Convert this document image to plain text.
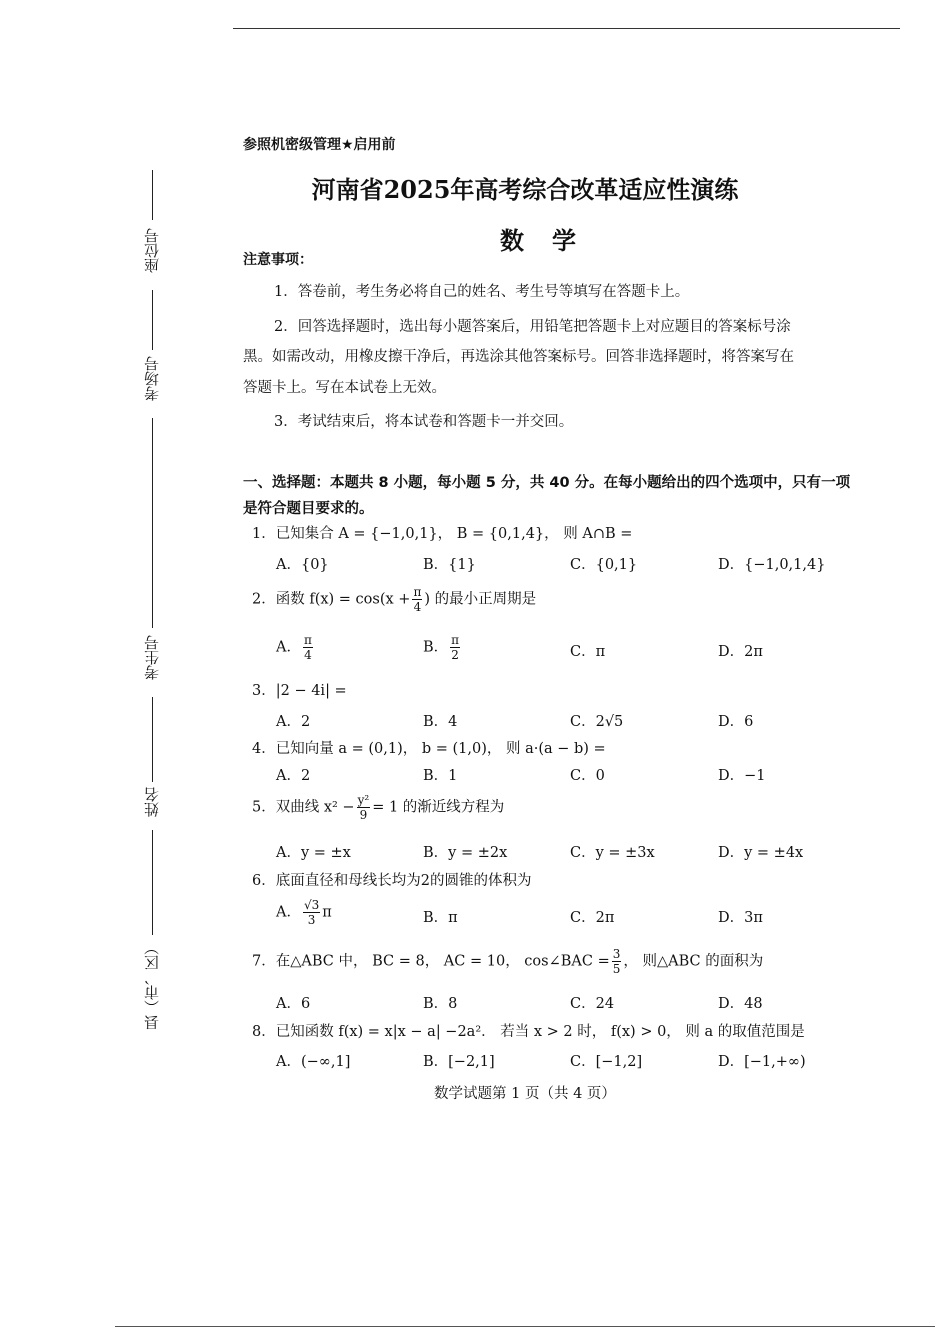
座位号
考场号
考生号
姓名
县（市、区）
参照机密级管理★启用前
河南省2025年高考综合改革适应性演练
数学
注意事项：
1．答卷前，考生务必将自己的姓名、考生号等填写在答题卡上。
2．回答选择题时，选出每小题答案后，用铅笔把答题卡上对应题目的答案标号涂
黑。如需改动，用橡皮擦干净后，再选涂其他答案标号。回答非选择题时，将答案写在
答题卡上。写在本试卷上无效。
3．考试结束后，将本试卷和答题卡一并交回。
一、选择题：本题共 8 小题，每小题 5 分，共 40 分。在每小题给出的四个选项中，只有一项是符合题目要求的。
1．已知集合 A = {−1,0,1}， B = {0,1,4}， 则 A∩B =
A．{0}	B．{1}	C．{0,1}	D．{−1,0,1,4}
2．函数 $f(x) = \cos(x + \frac{\pi}{4}$ ) 的最小正周期是
A． $\frac{\pi}{4}$	B． $\frac{\pi}{2}$	C．π	D．2π
3．|2 − 4i| =
A．2	B．4	C．2√5	D．6
4．已知向量 a = (0,1)， b = (1,0)， 则 a·(a − b) =
A．2	B．1	C．0	D．−1
5．双曲线 $x^2 - \frac{\text{y²}}{9} = 1$ 的渐近线方程为
A．y = ±x	B．y = ±2x	C．y = ±3x	D．y = ±4x
6．底面直径和母线长均为2的圆锥的体积为
A． $\frac{√3}{3}$ π	B．π	C．2π	D．3π
7．在△ABC 中， BC = 8， AC = 10， cos∠BAC = $\frac{3}{5}$ ， 则△ABC 的面积为
A．6	B．8	C．24	D．48
8．已知函数 f(x) = x|x − a| −2a²． 若当 x > 2 时， f(x) > 0， 则 a 的取值范围是
A．(−∞,1]	B．[−2,1]	C．[−1,2]	D．[−1,+∞)
数学试题第 1 页（共 4 页）
